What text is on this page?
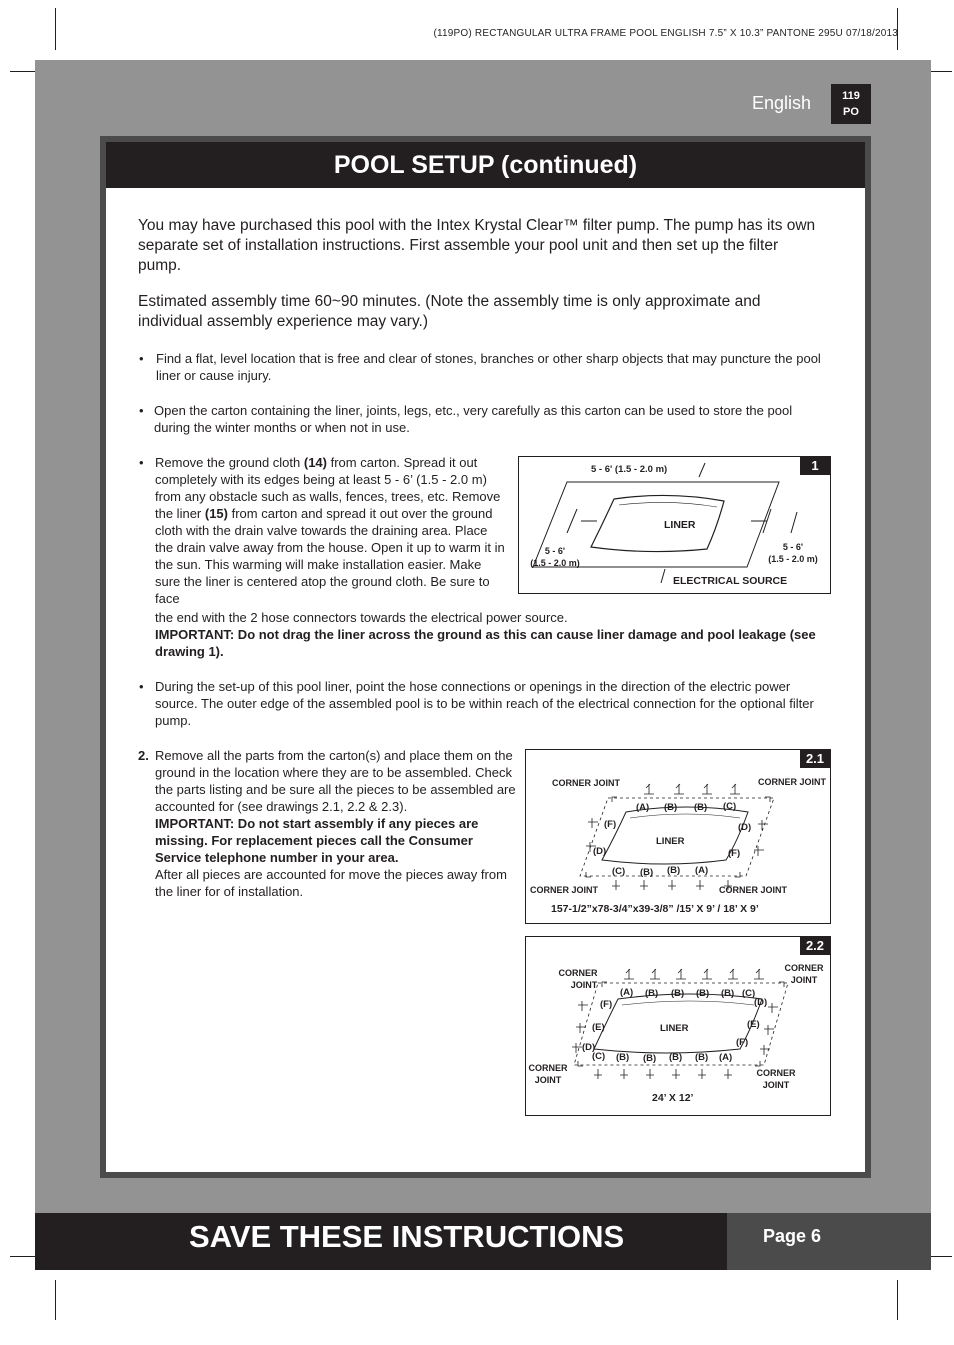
(119PO) RECTANGULAR ULTRA FRAME POOL ENGLISH 7.5” X 10.3” PANTONE 295U 07/18/2013
English	119
PO
POOL SETUP (continued)
You may have purchased this pool with the Intex Krystal Clear™ filter pump. The pump has its own separate set of installation instructions. First assemble your pool unit and then set up the filter pump.
Estimated assembly time 60~90 minutes. (Note the assembly time is only approximate and individual assembly experience may vary.)
• Find a flat, level location that is free and clear of stones, branches or other sharp objects that may puncture the pool liner or cause injury.
• Open the carton containing the liner, joints, legs, etc., very carefully as this carton can be used to store the pool during the winter months or when not in use.
• Remove the ground cloth (14) from carton. Spread it out completely with its edges being at least 5 - 6’ (1.5 - 2.0 m) from any obstacle such as walls, fences, trees, etc. Remove the liner (15) from carton and spread it out over the ground cloth with the drain valve towards the draining area. Place the drain valve away from the house. Open it up to warm it in the sun. This warming will make installation easier. Make sure the liner is centered atop the ground cloth. Be sure to face
the end with the 2 hose connectors towards the electrical power source.
IMPORTANT: Do not drag the liner across the ground as this can cause liner damage and pool leakage (see drawing 1).
1
5 - 6' (1.5 - 2.0 m)
LINER
5 - 6'
(1.5 - 2.0 m)
5 - 6'
(1.5 - 2.0 m)
ELECTRICAL SOURCE
• During the set-up of this pool liner, point the hose connections or openings in the direction of the electric power source. The outer edge of the assembled pool is to be within reach of the electrical connection for the optional filter pump.
2. Remove all the parts from the carton(s) and place them on the ground in the location where they are to be assembled. Check the parts listing and be sure all the pieces to be assembled are accounted for (see drawings 2.1, 2.2 & 2.3).
IMPORTANT: Do not start assembly if any pieces are missing. For replacement pieces call the Consumer Service telephone number in your area.
After all pieces are accounted for move the pieces away from the liner for of installation.
2.1
CORNER JOINT	CORNER JOINT
CORNER JOINT	CORNER JOINT
LINER
(A) (B) (B) (C)
(F)	(D)
(D)	(F)
(C) (B) (B) (A)
157-1/2”x78-3/4”x39-3/8” /15’ X 9’ / 18’ X 9’
2.2
CORNER
JOINT
CORNER
JOINT
CORNER
JOINT
CORNER
JOINT
LINER
(A) (B) (B) (B) (B) (C)
(F)	(D)
(E)	(E)
(D)	(F)
(C) (B) (B) (B) (B) (A)
24’ X 12’
SAVE THESE INSTRUCTIONS	Page 6
